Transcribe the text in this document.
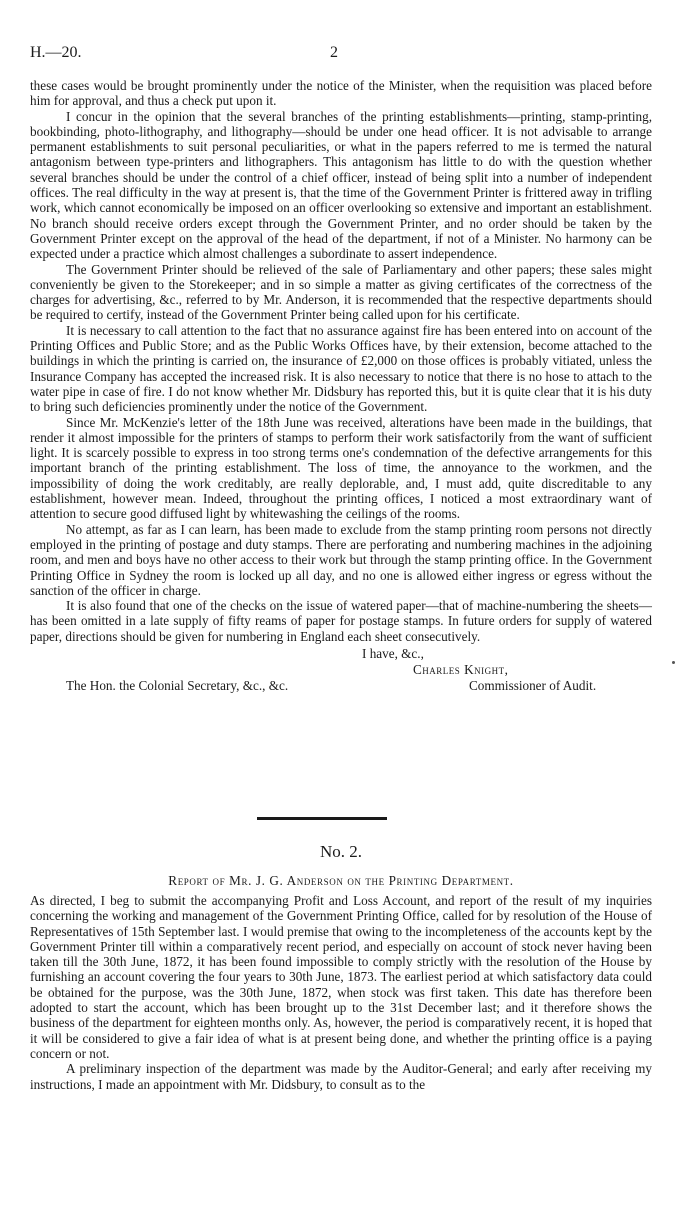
H.—20.	2

these cases would be brought prominently under the notice of the Minister, when the requisition was placed before him for approval, and thus a check put upon it.

I concur in the opinion that the several branches of the printing establishments—printing, stamp-printing, bookbinding, photo-lithography, and lithography—should be under one head officer. It is not advisable to arrange permanent establishments to suit personal peculiarities, or what in the papers referred to me is termed the natural antagonism between type-printers and lithographers. This antagonism has little to do with the question whether several branches should be under the control of a chief officer, instead of being split into a number of independent offices. The real difficulty in the way at present is, that the time of the Government Printer is frittered away in trifling work, which cannot economically be imposed on an officer overlooking so extensive and important an establishment. No branch should receive orders except through the Government Printer, and no order should be taken by the Government Printer except on the approval of the head of the department, if not of a Minister. No harmony can be expected under a practice which almost challenges a subordinate to assert independence.

The Government Printer should be relieved of the sale of Parliamentary and other papers; these sales might conveniently be given to the Storekeeper; and in so simple a matter as giving certificates of the correctness of the charges for advertising, &c., referred to by Mr. Anderson, it is recommended that the respective departments should be required to certify, instead of the Government Printer being called upon for his certificate.

It is necessary to call attention to the fact that no assurance against fire has been entered into on account of the Printing Offices and Public Store; and as the Public Works Offices have, by their extension, become attached to the buildings in which the printing is carried on, the insurance of £2,000 on those offices is probably vitiated, unless the Insurance Company has accepted the increased risk. It is also necessary to notice that there is no hose to attach to the water pipe in case of fire. I do not know whether Mr. Didsbury has reported this, but it is quite clear that it is his duty to bring such deficiencies prominently under the notice of the Government.

Since Mr. McKenzie's letter of the 18th June was received, alterations have been made in the buildings, that render it almost impossible for the printers of stamps to perform their work satisfactorily from the want of sufficient light. It is scarcely possible to express in too strong terms one's condemnation of the defective arrangements for this important branch of the printing establishment. The loss of time, the annoyance to the workmen, and the impossibility of doing the work creditably, are really deplorable, and, I must add, quite discreditable to any establishment, however mean. Indeed, throughout the printing offices, I noticed a most extraordinary want of attention to secure good diffused light by whitewashing the ceilings of the rooms.

No attempt, as far as I can learn, has been made to exclude from the stamp printing room persons not directly employed in the printing of postage and duty stamps. There are perforating and numbering machines in the adjoining room, and men and boys have no other access to their work but through the stamp printing office. In the Government Printing Office in Sydney the room is locked up all day, and no one is allowed either ingress or egress without the sanction of the officer in charge.

It is also found that one of the checks on the issue of watered paper—that of machine-numbering the sheets—has been omitted in a late supply of fifty reams of paper for postage stamps. In future orders for supply of watered paper, directions should be given for numbering in England each sheet consecutively.

I have, &c.,
Charles Knight,
The Hon. the Colonial Secretary, &c., &c.	Commissioner of Audit.
No. 2.
Report of Mr. J. G. Anderson on the Printing Department.

As directed, I beg to submit the accompanying Profit and Loss Account, and report of the result of my inquiries concerning the working and management of the Government Printing Office, called for by resolution of the House of Representatives of 15th September last. I would premise that owing to the incompleteness of the accounts kept by the Government Printer till within a comparatively recent period, and especially on account of stock never having been taken till the 30th June, 1872, it has been found impossible to comply strictly with the resolution of the House by furnishing an account covering the four years to 30th June, 1873. The earliest period at which satisfactory data could be obtained for the purpose, was the 30th June, 1872, when stock was first taken. This date has therefore been adopted to start the account, which has been brought up to the 31st December last; and it therefore shows the business of the department for eighteen months only. As, however, the period is comparatively recent, it is hoped that it will be considered to give a fair idea of what is at present being done, and whether the printing office is a paying concern or not.

A preliminary inspection of the department was made by the Auditor-General; and early after receiving my instructions, I made an appointment with Mr. Didsbury, to consult as to the
